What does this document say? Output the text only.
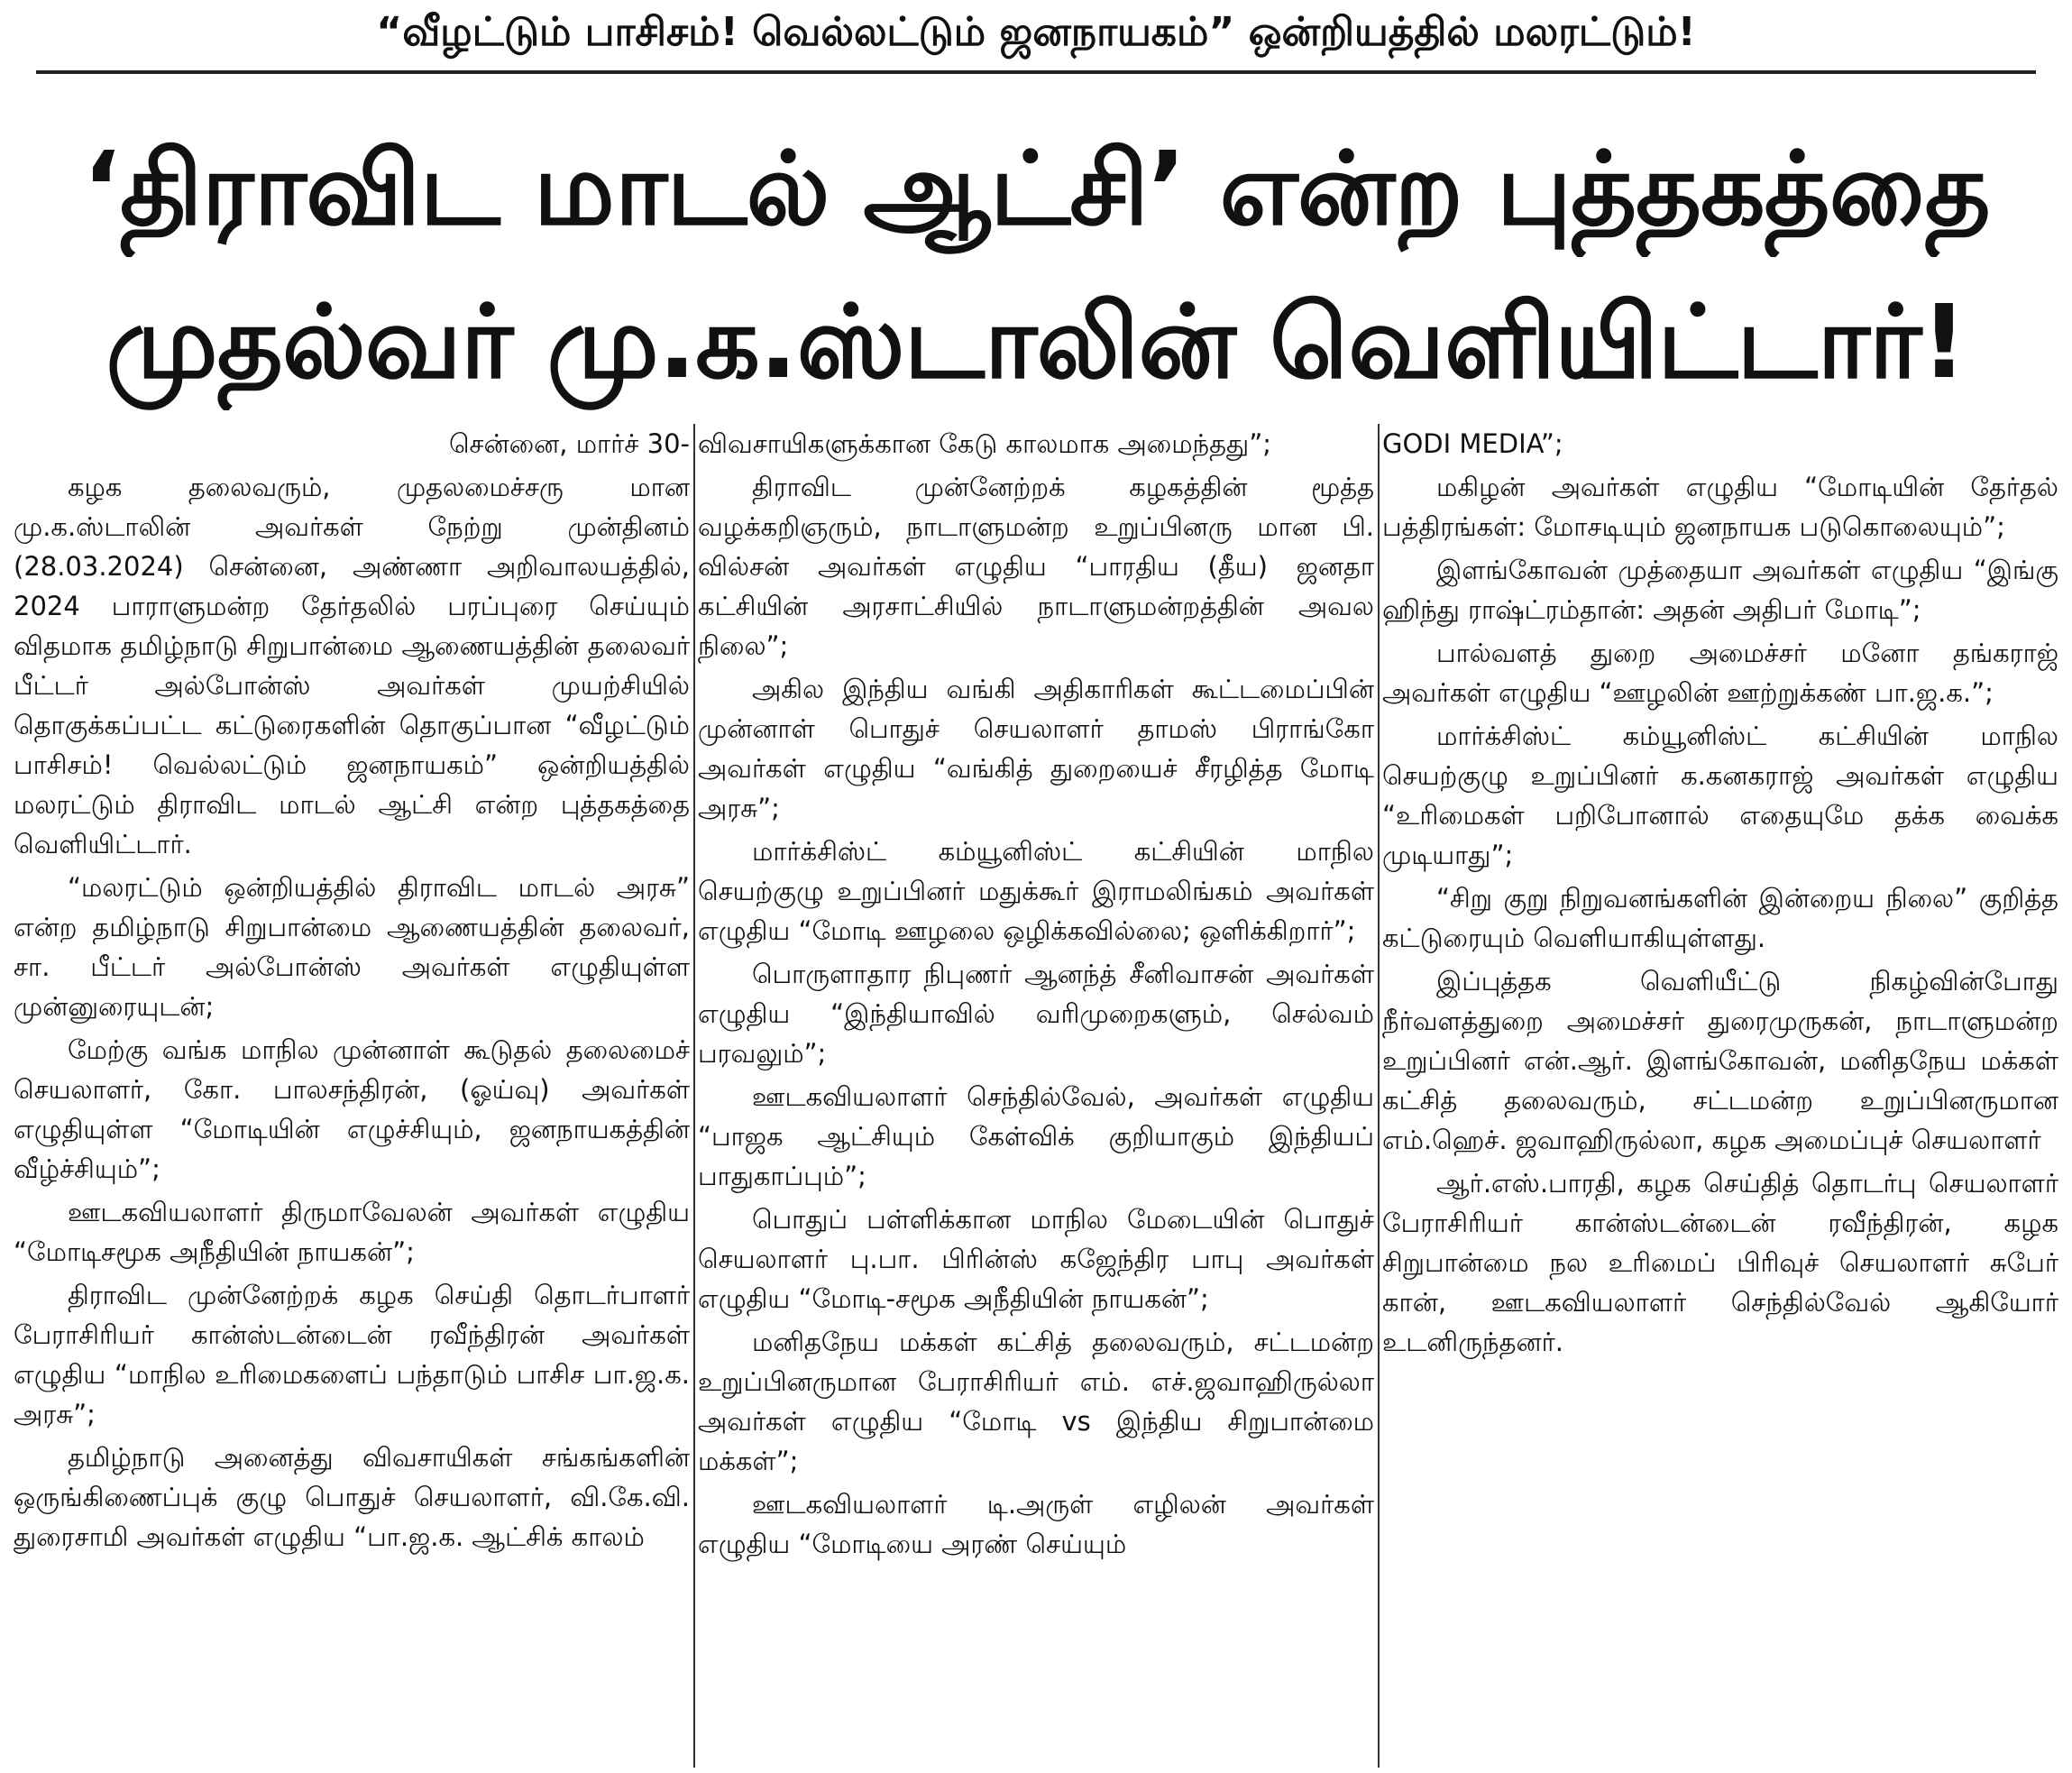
“வீழட்டும் பாசிசம்! வெல்லட்டும் ஜனநாயகம்” ஒன்றியத்தில் மலரட்டும்!
‘திராவிட மாடல் ஆட்சி’ என்ற புத்தகத்தை
முதல்வர் மு.க.ஸ்டாலின் வெளியிட்டார்!

சென்னை, மார்ச் 30-

கழக தலைவரும், முதலமைச்சரு மான மு.க.ஸ்டாலின் அவர்கள் நேற்று முன்தினம் (28.03.2024) சென்னை, அண்ணா அறிவாலயத்தில், 2024 பாராளுமன்ற தேர்தலில் பரப்புரை செய்யும் விதமாக தமிழ்நாடு சிறுபான்மை ஆணையத்தின் தலைவர் பீட்டர் அல்போன்ஸ் அவர்கள் முயற்சியில் தொகுக்கப்பட்ட கட்டுரைகளின் தொகுப்பான “வீழட்டும் பாசிசம்! வெல்லட்டும் ஜனநாயகம்” ஒன்றியத்தில் மலரட்டும் திராவிட மாடல் ஆட்சி என்ற புத்தகத்தை வெளியிட்டார்.

“மலரட்டும் ஒன்றியத்தில் திராவிட மாடல் அரசு” என்ற தமிழ்நாடு சிறுபான்மை ஆணையத்தின் தலைவர், சா. பீட்டர் அல்போன்ஸ் அவர்கள் எழுதியுள்ள முன்னுரையுடன்;

மேற்கு வங்க மாநில முன்னாள் கூடுதல் தலைமைச் செயலாளர், கோ. பாலசந்திரன், (ஓய்வு) அவர்கள் எழுதியுள்ள “மோடியின் எழுச்சியும், ஜனநாயகத்தின் வீழ்ச்சியும்”;

ஊடகவியலாளர் திருமாவேலன் அவர்கள் எழுதிய “மோடிசமூக அநீதியின் நாயகன்”;

திராவிட முன்னேற்றக் கழக செய்தி தொடர்பாளர் பேராசிரியர் கான்ஸ்டன்டைன் ரவீந்திரன் அவர்கள் எழுதிய “மாநில உரிமைகளைப் பந்தாடும் பாசிச பா.ஜ.க. அரசு”;

தமிழ்நாடு அனைத்து விவசாயிகள் சங்கங்களின் ஒருங்கிணைப்புக் குழு பொதுச் செயலாளர், வி.கே.வி. துரைசாமி அவர்கள் எழுதிய “பா.ஜ.க. ஆட்சிக் காலம்

விவசாயிகளுக்கான கேடு காலமாக அமைந்தது”;

திராவிட முன்னேற்றக் கழகத்தின் மூத்த வழக்கறிஞரும், நாடாளுமன்ற உறுப்பினரு மான பி. வில்சன் அவர்கள் எழுதிய “பாரதிய (தீய) ஜனதா கட்சியின் அரசாட்சியில் நாடாளுமன்றத்தின் அவல நிலை”;

அகில இந்திய வங்கி அதிகாரிகள் கூட்டமைப்பின் முன்னாள் பொதுச் செயலாளர் தாமஸ் பிராங்கோ அவர்கள் எழுதிய “வங்கித் துறையைச் சீரழித்த மோடி அரசு”;

மார்க்சிஸ்ட் கம்யூனிஸ்ட் கட்சியின் மாநில செயற்குழு உறுப்பினர் மதுக்கூர் இராமலிங்கம் அவர்கள் எழுதிய “மோடி ஊழலை ஒழிக்கவில்லை; ஒளிக்கிறார்”;

பொருளாதார நிபுணர் ஆனந்த் சீனிவாசன் அவர்கள் எழுதிய “இந்தியாவில் வரிமுறைகளும், செல்வம் பரவலும்”;

ஊடகவியலாளர் செந்தில்வேல், அவர்கள் எழுதிய “பாஜக ஆட்சியும் கேள்விக் குறியாகும் இந்தியப் பாதுகாப்பும்”;

பொதுப் பள்ளிக்கான மாநில மேடையின் பொதுச் செயலாளர் பு.பா. பிரின்ஸ் கஜேந்திர பாபு அவர்கள் எழுதிய “மோடி-சமூக அநீதியின் நாயகன்”;

மனிதநேய மக்கள் கட்சித் தலைவரும், சட்டமன்ற உறுப்பினருமான பேராசிரியர் எம். எச்.ஜவாஹிருல்லா அவர்கள் எழுதிய “மோடி vs இந்திய சிறுபான்மை மக்கள்”;

ஊடகவியலாளர் டி.அருள் எழிலன் அவர்கள் எழுதிய “மோடியை அரண் செய்யும்

GODI MEDIA”;

மகிழன் அவர்கள் எழுதிய “மோடியின் தேர்தல் பத்திரங்கள்: மோசடியும் ஜனநாயக படுகொலையும்”;

இளங்கோவன் முத்தையா அவர்கள் எழுதிய “இங்கு ஹிந்து ராஷ்ட்ரம்தான்: அதன் அதிபர் மோடி”;

பால்வளத் துறை அமைச்சர் மனோ தங்கராஜ் அவர்கள் எழுதிய “ஊழலின் ஊற்றுக்கண் பா.ஜ.க.”;

மார்க்சிஸ்ட் கம்யூனிஸ்ட் கட்சியின் மாநில செயற்குழு உறுப்பினர் க.கனகராஜ் அவர்கள் எழுதிய “உரிமைகள் பறிபோனால் எதையுமே தக்க வைக்க முடியாது”;

“சிறு குறு நிறுவனங்களின் இன்றைய நிலை” குறித்த கட்டுரையும் வெளியாகியுள்ளது.

இப்புத்தக வெளியீட்டு நிகழ்வின்போது நீர்வளத்துறை அமைச்சர் துரைமுருகன், நாடாளுமன்ற உறுப்பினர் என்.ஆர். இளங்கோவன், மனிதநேய மக்கள் கட்சித் தலைவரும், சட்டமன்ற உறுப்பினருமான எம்.ஹெச். ஜவாஹிருல்லா, கழக அமைப்புச் செயலாளர்

ஆர்.எஸ்.பாரதி, கழக செய்தித் தொடர்பு செயலாளர் பேராசிரியர் கான்ஸ்டன்டைன் ரவீந்திரன், கழக சிறுபான்மை நல உரிமைப் பிரிவுச் செயலாளர் சுபேர் கான், ஊடகவியலாளர் செந்தில்வேல் ஆகியோர் உடனிருந்தனர்.
